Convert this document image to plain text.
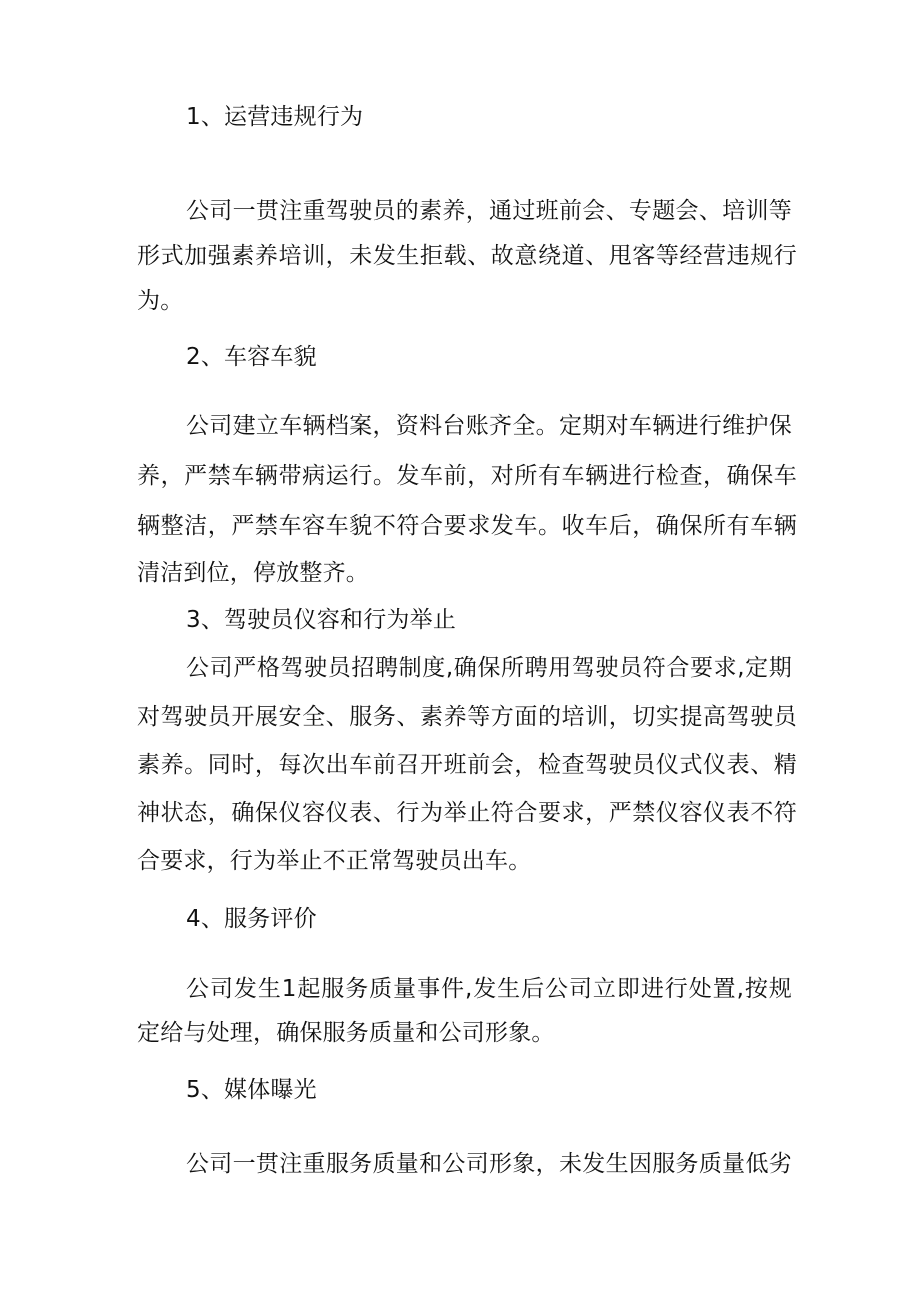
1、运营违规行为
公司一贯注重驾驶员的素养，通过班前会、专题会、培训等
形式加强素养培训，未发生拒载、故意绕道、甩客等经营违规行
为。
2、车容车貌
公司建立车辆档案，资料台账齐全。定期对车辆进行维护保
养，严禁车辆带病运行。发车前，对所有车辆进行检查，确保车
辆整洁，严禁车容车貌不符合要求发车。收车后，确保所有车辆
清洁到位，停放整齐。
3、驾驶员仪容和行为举止
公司严格驾驶员招聘制度,确保所聘用驾驶员符合要求,定期
对驾驶员开展安全、服务、素养等方面的培训，切实提高驾驶员
素养。同时，每次出车前召开班前会，检查驾驶员仪式仪表、精
神状态，确保仪容仪表、行为举止符合要求，严禁仪容仪表不符
合要求，行为举止不正常驾驶员出车。
4、服务评价
公司发生1起服务质量事件,发生后公司立即进行处置,按规
定给与处理，确保服务质量和公司形象。
5、媒体曝光
公司一贯注重服务质量和公司形象，未发生因服务质量低劣
